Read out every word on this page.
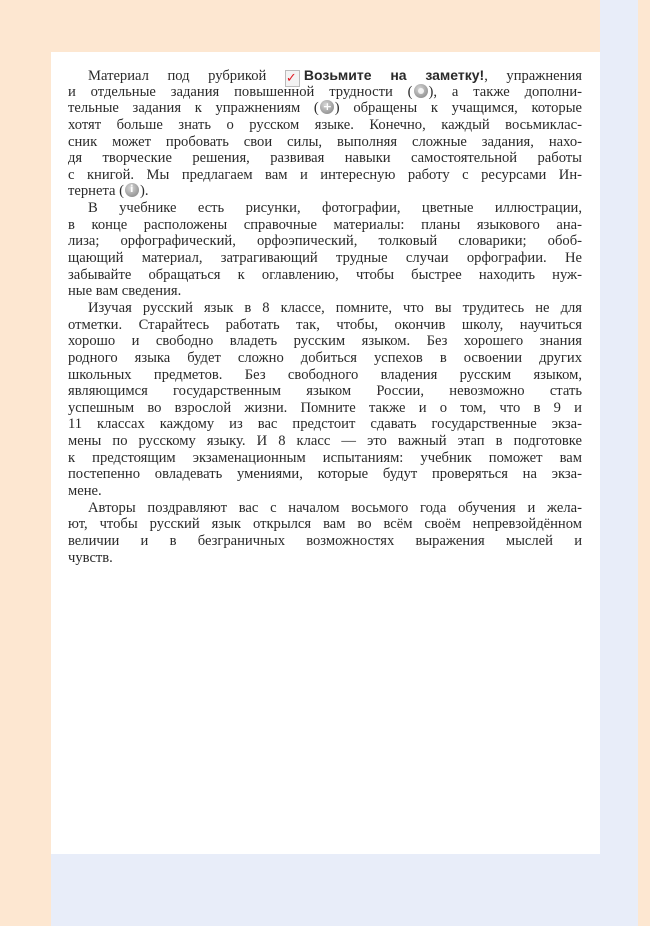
Материал под рубрикой ✓ Возьмите на заметку!, упражнения
и отдельные задания повышенной трудности ( ), а также дополни-
тельные задания к упражнениям ( + ) обращены к учащимся, которые
хотят больше знать о русском языке. Конечно, каждый восьмиклас-
сник может пробовать свои силы, выполняя сложные задания, нахо-
дя творческие решения, развивая навыки самостоятельной работы
с книгой. Мы предлагаем вам и интересную работу с ресурсами Ин-
тернета ( i ).
В учебнике есть рисунки, фотографии, цветные иллюстрации,
в конце расположены справочные материалы: планы языкового ана-
лиза; орфографический, орфоэпический, толковый словарики; обоб-
щающий материал, затрагивающий трудные случаи орфографии. Не
забывайте обращаться к оглавлению, чтобы быстрее находить нуж-
ные вам сведения.
Изучая русский язык в 8 классе, помните, что вы трудитесь не для
отметки. Старайтесь работать так, чтобы, окончив школу, научиться
хорошо и свободно владеть русским языком. Без хорошего знания
родного языка будет сложно добиться успехов в освоении других
школьных предметов. Без свободного владения русским языком,
являющимся государственным языком России, невозможно стать
успешным во взрослой жизни. Помните также и о том, что в 9 и
11 классах каждому из вас предстоит сдавать государственные экза-
мены по русскому языку. И 8 класс — это важный этап в подготовке
к предстоящим экзаменационным испытаниям: учебник поможет вам
постепенно овладевать умениями, которые будут проверяться на экза-
мене.
Авторы поздравляют вас с началом восьмого года обучения и жела-
ют, чтобы русский язык открылся вам во всём своём непревзойдённом
величии и в безграничных возможностях выражения мыслей и
чувств.
